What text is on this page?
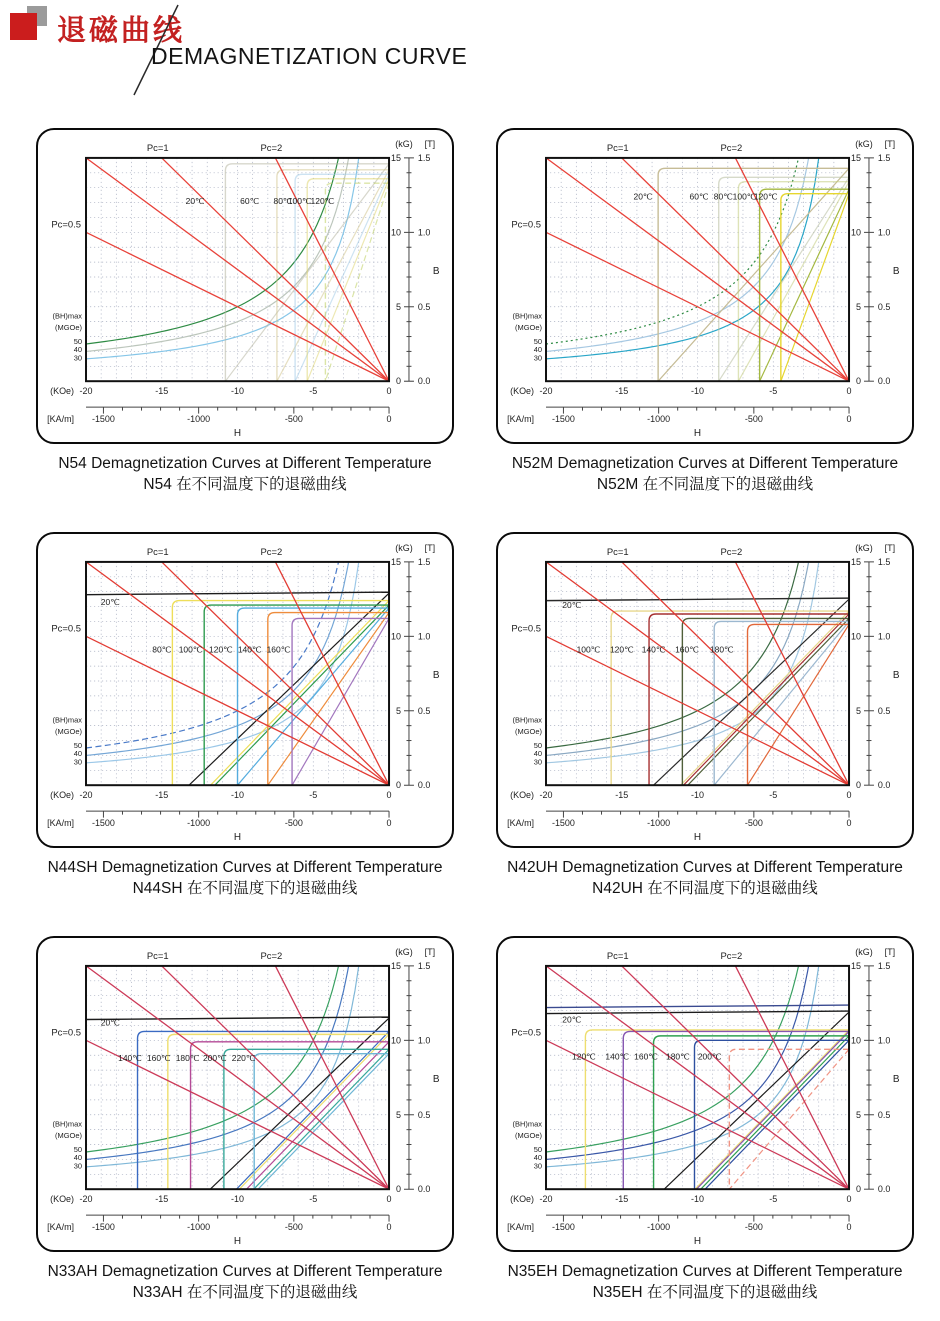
退磁曲线
DEMAGNETIZATION CURVE
Pc=0.5
Pc=1	Pc=2
20℃	60℃ 80℃
100℃ 120℃
15 1.5
10 1.0
5 0.5
0 0.0
(kG) [T]
B
-20	-15	-10	-5	0
(KOe)
-1500	-1000	-500	0
[KA/m]
H
(BH)max
(MGOe)
50
40
30
N54 Demagnetization Curves at Different Temperature
N54 在不同温度下的退磁曲线
Pc=0.5
Pc=1	Pc=2
20℃	60℃ 80℃ 100℃
120℃
15 1.5
10 1.0
5 0.5
0 0.0
(kG) [T]
B
-20	-15	-10	-5	0
(KOe)
-1500	-1000	-500	0
[KA/m]
H
(BH)max
(MGOe)
50
40
30
N52M Demagnetization Curves at Different Temperature
N52M 在不同温度下的退磁曲线
Pc=0.5
Pc=1	Pc=2
20℃
80℃ 100℃ 120℃ 140℃ 160℃
15 1.5
10 1.0
5 0.5
0 0.0
(kG) [T]
B
-20	-15	-10	-5	0
(KOe)
-1500	-1000	-500	0
[KA/m]
H
(BH)max
(MGOe)
50
40
30
N44SH Demagnetization Curves at Different Temperature
N44SH 在不同温度下的退磁曲线
Pc=0.5
Pc=1	Pc=2
20℃
100℃ 120℃ 140℃ 160℃ 180℃
15 1.5
10 1.0
5 0.5
0 0.0
(kG) [T]
B
-20	-15	-10	-5	0
(KOe)
-1500	-1000	-500	0
[KA/m]
H
(BH)max
(MGOe)
50
40
30
N42UH Demagnetization Curves at Different Temperature
N42UH 在不同温度下的退磁曲线
Pc=0.5
Pc=1	Pc=2
20℃
140℃ 160℃ 180℃ 200℃ 220℃
15 1.5
10 1.0
5 0.5
0 0.0
(kG) [T]
B
-20	-15	-10	-5	0
(KOe)
-1500	-1000	-500	0
[KA/m]
H
(BH)max
(MGOe)
50
40
30
N33AH Demagnetization Curves at Different Temperature
N33AH 在不同温度下的退磁曲线
Pc=0.5
Pc=1	Pc=2
20℃
120℃ 140℃ 160℃ 180℃ 200℃
15 1.5
10 1.0
5 0.5
0 0.0
(kG) [T]
B
-20	-15	-10	-5	0
(KOe)
-1500	-1000	-500	0
[KA/m]
H
(BH)max
(MGOe)
50
40
30
N35EH Demagnetization Curves at Different Temperature
N35EH 在不同温度下的退磁曲线
